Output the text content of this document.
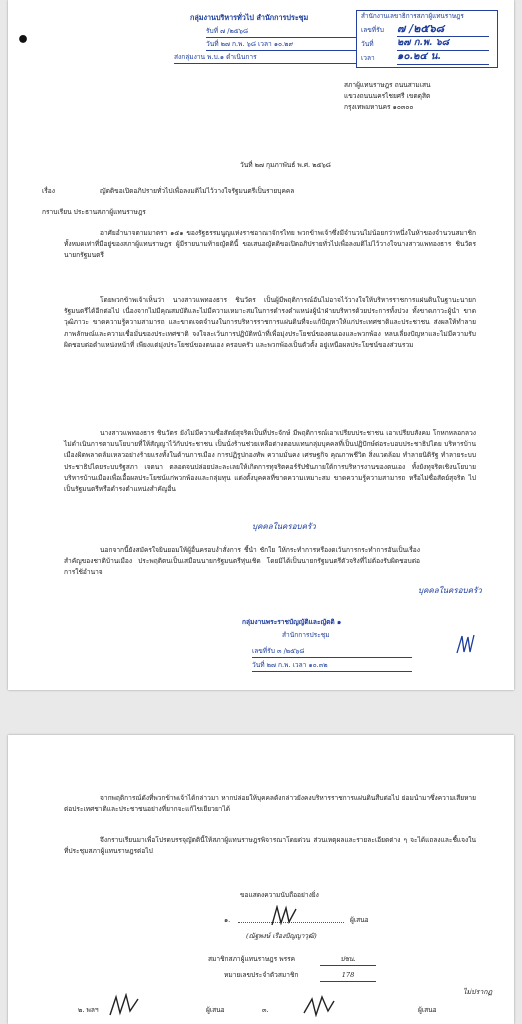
•
กลุ่มงานบริหารทั่วไป สำนักการประชุม
รับที่ ๗ /๒๕๖๘
วันที่ ๒๗ ก.พ. ๖๘ เวลา ๑๐.๒๙
ส่งกลุ่มงาน พ.บ.๑ ดำเนินการ
สำนักงานเลขาธิการสภาผู้แทนราษฎร
เลขที่รับ ๗ /๒๕๖๘
วันที่ ๒๗ ก.พ. ๖๘
เวลา ๑๐.๒๔ น.
สภาผู้แทนราษฎร ถนนสามเสน
แขวงถนนนครไชยศรี เขตดุสิต
กรุงเทพมหานคร ๑๐๓๐๐
วันที่ ๒๗ กุมภาพันธ์ พ.ศ. ๒๕๖๘
เรื่อง	ญัตติขอเปิดอภิปรายทั่วไปเพื่อลงมติไม่ไว้วางใจรัฐมนตรีเป็นรายบุคคล
กราบเรียน ประธานสภาผู้แทนราษฎร
อาศัยอำนาจตามมาตรา ๑๕๑ ของรัฐธรรมนูญแห่งราชอาณาจักรไทย พวกข้าพเจ้าซึ่งมีจำนวนไม่น้อยกว่าหนึ่งในห้าของจำนวนสมาชิกทั้งหมดเท่าที่มีอยู่ของสภาผู้แทนราษฎร ผู้มีรายนามท้ายญัตตินี้ ขอเสนอญัตติขอเปิดอภิปรายทั่วไปเพื่อลงมติไม่ไว้วางใจนางสาวแพทองธาร ชินวัตร นายกรัฐมนตรี
โดยพวกข้าพเจ้าเห็นว่า นางสาวแพทองธาร ชินวัตร เป็นผู้มีพฤติการณ์อันไม่อาจไว้วางใจให้บริหารราชการแผ่นดินในฐานะนายกรัฐมนตรีได้อีกต่อไป เนื่องจากไม่มีคุณสมบัติและไม่มีความเหมาะสมในการดำรงตำแหน่งผู้นำฝ่ายบริหารด้วยประการทั้งปวง ทั้งขาดภาวะผู้นำ ขาดวุฒิภาวะ ขาดความรู้ความสามารถ และขาดเจตจำนงในการบริหารราชการแผ่นดินที่จะแก้ปัญหาให้แก่ประเทศชาติและประชาชน ส่งผลให้ทำลายภาพลักษณ์และความเชื่อมั่นของประเทศชาติ จงใจละเว้นการปฏิบัติหน้าที่เพื่อมุ่งประโยชน์ของตนเองและพวกพ้อง หลบเลี่ยงปัญหาและไม่มีความรับผิดชอบต่อตำแหน่งหน้าที่ เพียงแต่มุ่งประโยชน์ของตนเอง ครอบครัว และพวกพ้องเป็นตัวตั้ง อยู่เหนือผลประโยชน์ของส่วนรวม
นางสาวแพทองธาร ชินวัตร ยังไม่มีความซื่อสัตย์สุจริตเป็นที่ประจักษ์ มีพฤติการณ์เอาเปรียบประชาชน เอาเปรียบสังคม โกหกหลอกลวง ไม่ดำเนินการตามนโยบายที่ให้สัญญาไว้กับประชาชน เป็นนั่งร้านช่วยเหลือต่างตอบแทนกลุ่มบุคคลที่เป็นปฏิปักษ์ต่อระบอบประชาธิปไตย บริหารบ้านเมืองผิดพลาดล้มเหลวอย่างร้ายแรงทั้งในด้านการเมือง การปฏิรูปกองทัพ ความมั่นคง เศรษฐกิจ คุณภาพชีวิต สิ่งแวดล้อม ทำลายนิติรัฐ ทำลายระบบประชาธิปไตยระบบรัฐสภา เจตนา ตลอดจนปล่อยปละละเลยให้เกิดการทุจริตคอร์รัปชันภายใต้การบริหารงานของตนเอง ทั้งยังทุจริตเชิงนโยบาย บริหารบ้านเมืองเพื่อเอื้อผลประโยชน์แก่พวกพ้องและกลุ่มทุน แต่งตั้งบุคคลที่ขาดความเหมาะสม ขาดความรู้ความสามารถ หรือไม่ซื่อสัตย์สุจริต ไปเป็นรัฐมนตรีหรือดำรงตำแหน่งสำคัญอื่น
บุคคลในครอบครัว
นอกจากนี้ยังสมัครใจยินยอมให้ผู้อื่นครอบงำสั่งการ ชี้นำ ชักใย ให้กระทำการหรืองดเว้นการกระทำการอันเป็นเรื่องสำคัญของชาติบ้านเมือง ประพฤติตนเป็นเสมือนนายกรัฐมนตรีหุ่นเชิด โดยมิได้เป็นนายกรัฐมนตรีตัวจริงที่ไม่ต้องรับผิดชอบต่อการใช้อำนาจ
บุคคลในครอบครัว
กลุ่มงานพระราชบัญญัติและญัตติ ๑
สำนักการประชุม
เลขที่รับ ๓ /๒๕๖๘
วันที่ ๒๗ ก.พ. เวลา ๑๐.๓๒
จากพฤติการณ์ดังที่พวกข้าพเจ้าได้กล่าวมา หากปล่อยให้บุคคลดังกล่าวยังคงบริหารราชการแผ่นดินสืบต่อไป ย่อมนำมาซึ่งความเสียหายต่อประเทศชาติและประชาชนอย่างที่ยากจะแก้ไขเยียวยาได้
จึงกราบเรียนมาเพื่อโปรดบรรจุญัตตินี้ให้สภาผู้แทนราษฎรพิจารณาโดยด่วน ส่วนเหตุผลและรายละเอียดต่าง ๆ จะได้แถลงและชี้แจงในที่ประชุมสภาผู้แทนราษฎรต่อไป
ขอแสดงความนับถืออย่างยิ่ง
๑.	ผู้เสนอ
(ณัฐพงษ์ เรืองปัญญาวุฒิ)
สมาชิกสภาผู้แทนราษฎร พรรค	ปชน.
หมายเลขประจำตัวสมาชิก	178
๒. พลฯ	ผู้เสนอ	๓.	ผู้เสนอ
ไม่ปรากฏ
